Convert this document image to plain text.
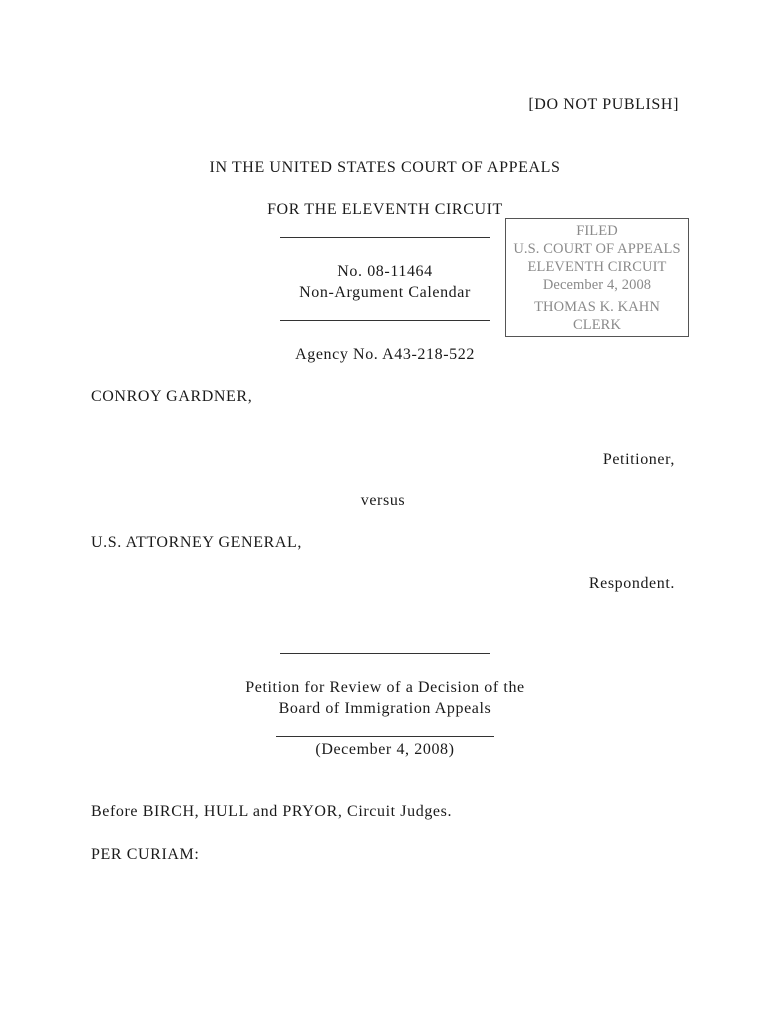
[DO NOT PUBLISH]
IN THE UNITED STATES COURT OF APPEALS
FOR THE ELEVENTH CIRCUIT
No. 08-11464
Non-Argument Calendar
FILED
U.S. COURT OF APPEALS
ELEVENTH CIRCUIT
December 4, 2008
THOMAS K. KAHN
CLERK
Agency No. A43-218-522
CONROY GARDNER,
Petitioner,
versus
U.S. ATTORNEY GENERAL,
Respondent.
Petition for Review of a Decision of the
Board of Immigration Appeals
(December 4, 2008)
Before BIRCH, HULL and PRYOR, Circuit Judges.
PER CURIAM:
